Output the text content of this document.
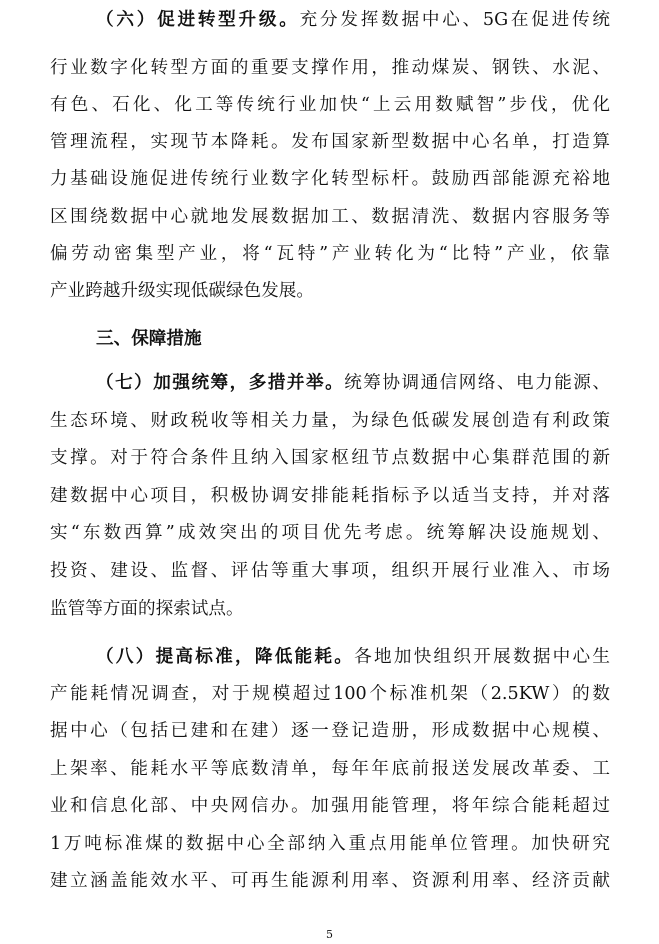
（六）促进转型升级。充分发挥数据中心、5G在促进传统
行业数字化转型方面的重要支撑作用，推动煤炭、钢铁、水泥、
有色、石化、化工等传统行业加快“上云用数赋智”步伐，优化
管理流程，实现节本降耗。发布国家新型数据中心名单，打造算
力基础设施促进传统行业数字化转型标杆。鼓励西部能源充裕地
区围绕数据中心就地发展数据加工、数据清洗、数据内容服务等
偏劳动密集型产业，将“瓦特”产业转化为“比特”产业，依靠
产业跨越升级实现低碳绿色发展。
三、保障措施
（七）加强统筹，多措并举。统筹协调通信网络、电力能源、
生态环境、财政税收等相关力量，为绿色低碳发展创造有利政策
支撑。对于符合条件且纳入国家枢纽节点数据中心集群范围的新
建数据中心项目，积极协调安排能耗指标予以适当支持，并对落
实“东数西算”成效突出的项目优先考虑。统筹解决设施规划、
投资、建设、监督、评估等重大事项，组织开展行业准入、市场
监管等方面的探索试点。
（八）提高标准，降低能耗。各地加快组织开展数据中心生
产能耗情况调查，对于规模超过100个标准机架（2.5KW）的数
据中心（包括已建和在建）逐一登记造册，形成数据中心规模、
上架率、能耗水平等底数清单，每年年底前报送发展改革委、工
业和信息化部、中央网信办。加强用能管理，将年综合能耗超过
1万吨标准煤的数据中心全部纳入重点用能单位管理。加快研究
建立涵盖能效水平、可再生能源利用率、资源利用率、经济贡献
5
